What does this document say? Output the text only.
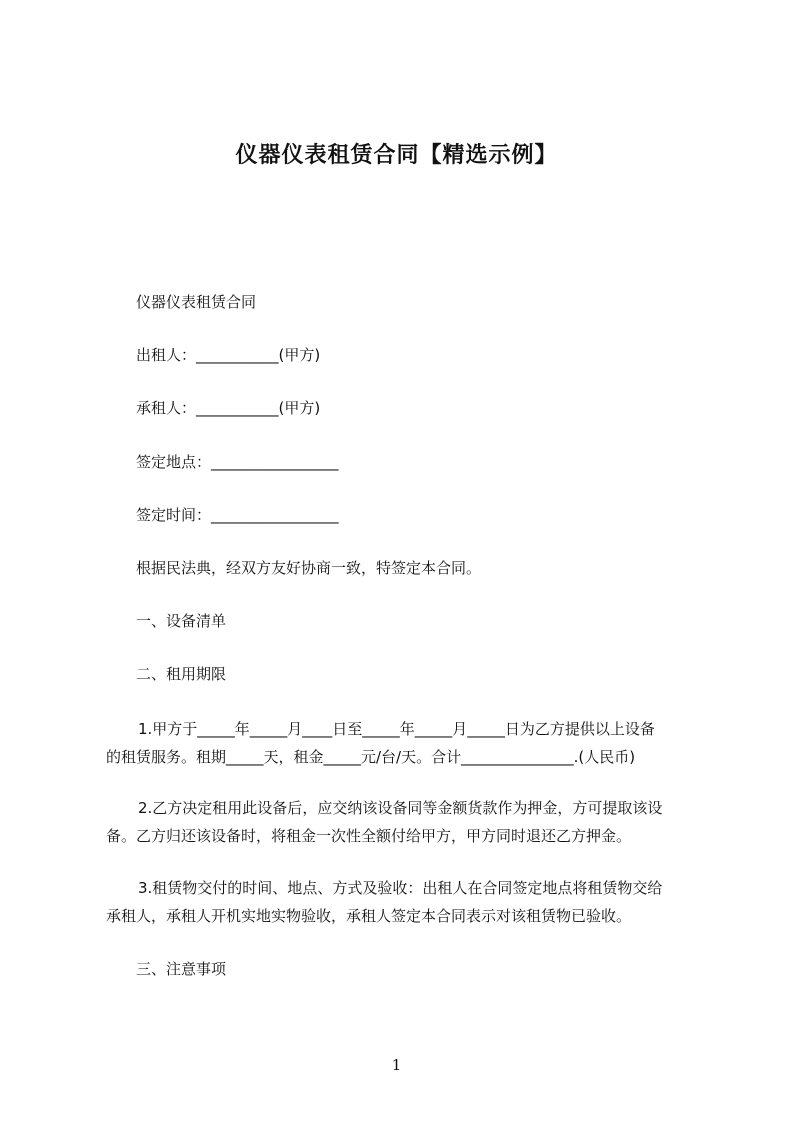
仪器仪表租赁合同【精选示例】

仪器仪表租赁合同

出租人：___________(甲方)

承租人：___________(甲方)

签定地点：_________________

签定时间：_________________

根据民法典，经双方友好协商一致，特签定本合同。

一、设备清单

二、租用期限

1.甲方于_____年_____月____日至_____年_____月_____日为乙方提供以上设备
的租赁服务。租期_____天，租金_____元/台/天。合计_______________.(人民币)
2.乙方决定租用此设备后，应交纳该设备同等金额货款作为押金，方可提取该设
备。乙方归还该设备时，将租金一次性全额付给甲方，甲方同时退还乙方押金。
3.租赁物交付的时间、地点、方式及验收：出租人在合同签定地点将租赁物交给
承租人，承租人开机实地实物验收，承租人签定本合同表示对该租赁物已验收。

三、注意事项

1
